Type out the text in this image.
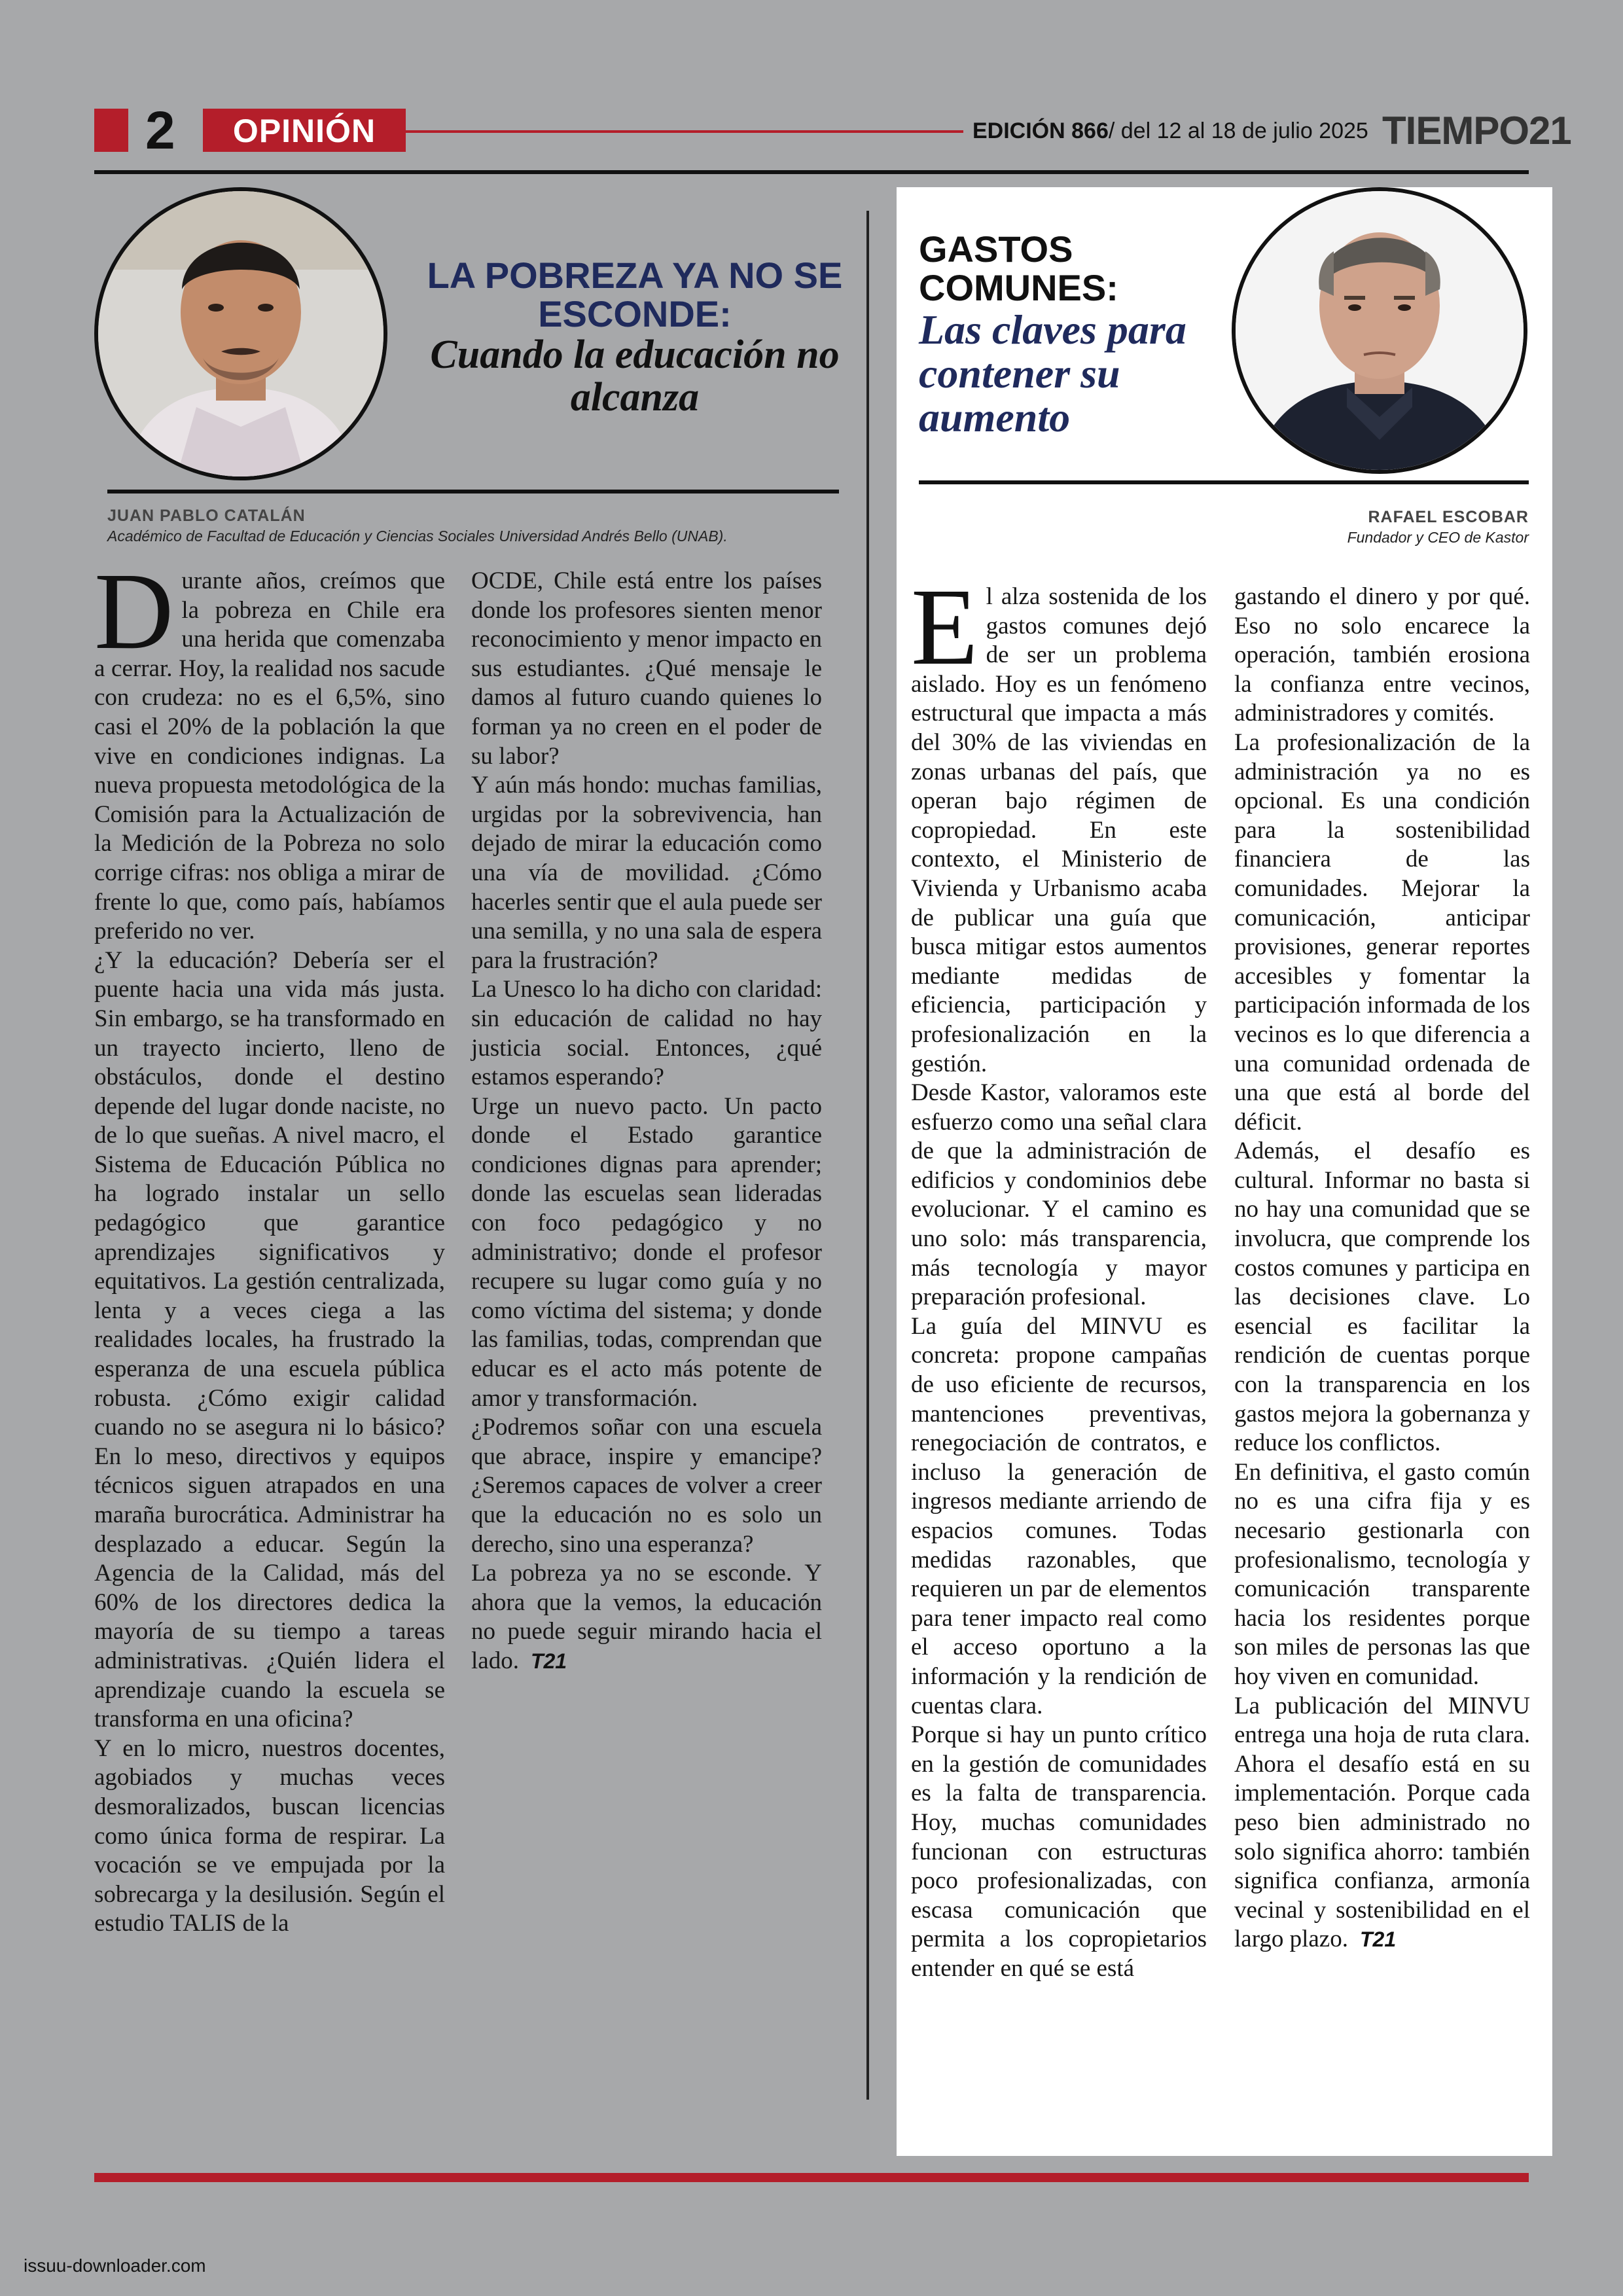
2	OPINIÓN	EDICIÓN 866/ del 12 al 18 de julio 2025 TIEMPO21
LA POBREZA YA NO SE ESCONDE:
Cuando la educación no alcanza
JUAN PABLO CATALÁN
Académico de Facultad de Educación y Ciencias Sociales Universidad Andrés Bello (UNAB).

Durante años, creímos que la pobreza en Chile era una herida que comenzaba a cerrar. Hoy, la realidad nos sacude con crudeza: no es el 6,5%, sino casi el 20% de la población la que vive en condiciones indignas. La nueva propuesta metodológica de la Comisión para la Actualización de la Medición de la Pobreza no solo corrige cifras: nos obliga a mirar de frente lo que, como país, habíamos preferido no ver.

¿Y la educación? Debería ser el puente hacia una vida más justa. Sin embargo, se ha transformado en un trayecto incierto, lleno de obstáculos, donde el destino depende del lugar donde naciste, no de lo que sueñas. A nivel macro, el Sistema de Educación Pública no ha logrado instalar un sello pedagógico que garantice aprendizajes significativos y equitativos. La gestión centralizada, lenta y a veces ciega a las realidades locales, ha frustrado la esperanza de una escuela pública robusta. ¿Cómo exigir calidad cuando no se asegura ni lo básico? En lo meso, directivos y equipos técnicos siguen atrapados en una maraña burocrática. Administrar ha desplazado a educar. Según la Agencia de la Calidad, más del 60% de los directores dedica la mayoría de su tiempo a tareas administrativas. ¿Quién lidera el aprendizaje cuando la escuela se transforma en una oficina?

Y en lo micro, nuestros docentes, agobiados y muchas veces desmoralizados, buscan licencias como única forma de respirar. La vocación se ve empujada por la sobrecarga y la desilusión. Según el estudio TALIS de la

OCDE, Chile está entre los países donde los profesores sienten menor reconocimiento y menor impacto en sus estudiantes. ¿Qué mensaje le damos al futuro cuando quienes lo forman ya no creen en el poder de su labor?

Y aún más hondo: muchas familias, urgidas por la sobrevivencia, han dejado de mirar la educación como una vía de movilidad. ¿Cómo hacerles sentir que el aula puede ser una semilla, y no una sala de espera para la frustración?

La Unesco lo ha dicho con claridad: sin educación de calidad no hay justicia social. Entonces, ¿qué estamos esperando?

Urge un nuevo pacto. Un pacto donde el Estado garantice condiciones dignas para aprender; donde las escuelas sean lideradas con foco pedagógico y no administrativo; donde el profesor recupere su lugar como guía y no como víctima del sistema; y donde las familias, todas, comprendan que educar es el acto más potente de amor y transformación.

¿Podremos soñar con una escuela que abrace, inspire y emancipe? ¿Seremos capaces de volver a creer que la educación no es solo un derecho, sino una esperanza?

La pobreza ya no se esconde. Y ahora que la vemos, la educación no puede seguir mirando hacia el lado. T21

GASTOS COMUNES:
Las claves para contener su aumento
RAFAEL ESCOBAR
Fundador y CEO de Kastor

El alza sostenida de los gastos comunes dejó de ser un problema aislado. Hoy es un fenómeno estructural que impacta a más del 30% de las viviendas en zonas urbanas del país, que operan bajo régimen de copropiedad. En este contexto, el Ministerio de Vivienda y Urbanismo acaba de publicar una guía que busca mitigar estos aumentos mediante medidas de eficiencia, participación y profesionalización en la gestión.

Desde Kastor, valoramos este esfuerzo como una señal clara de que la administración de edificios y condominios debe evolucionar. Y el camino es uno solo: más transparencia, más tecnología y mayor preparación profesional.

La guía del MINVU es concreta: propone campañas de uso eficiente de recursos, mantenciones preventivas, renegociación de contratos, e incluso la generación de ingresos mediante arriendo de espacios comunes. Todas medidas razonables, que requieren un par de elementos para tener impacto real como el acceso oportuno a la información y la rendición de cuentas clara.

Porque si hay un punto crítico en la gestión de comunidades es la falta de transparencia. Hoy, muchas comunidades funcionan con estructuras poco profesionalizadas, con escasa comunicación que permita a los copropietarios entender en qué se está

gastando el dinero y por qué. Eso no solo encarece la operación, también erosiona la confianza entre vecinos, administradores y comités.

La profesionalización de la administración ya no es opcional. Es una condición para la sostenibilidad financiera de las comunidades. Mejorar la comunicación, anticipar provisiones, generar reportes accesibles y fomentar la participación informada de los vecinos es lo que diferencia a una comunidad ordenada de una que está al borde del déficit.

Además, el desafío es cultural. Informar no basta si no hay una comunidad que se involucra, que comprende los costos comunes y participa en las decisiones clave. Lo esencial es facilitar la rendición de cuentas porque con la transparencia en los gastos mejora la gobernanza y reduce los conflictos.

En definitiva, el gasto común no es una cifra fija y es necesario gestionarla con profesionalismo, tecnología y comunicación transparente hacia los residentes porque son miles de personas las que hoy viven en comunidad.

La publicación del MINVU entrega una hoja de ruta clara. Ahora el desafío está en su implementación. Porque cada peso bien administrado no solo significa ahorro: también significa confianza, armonía vecinal y sostenibilidad en el largo plazo. T21

issuu-downloader.com
